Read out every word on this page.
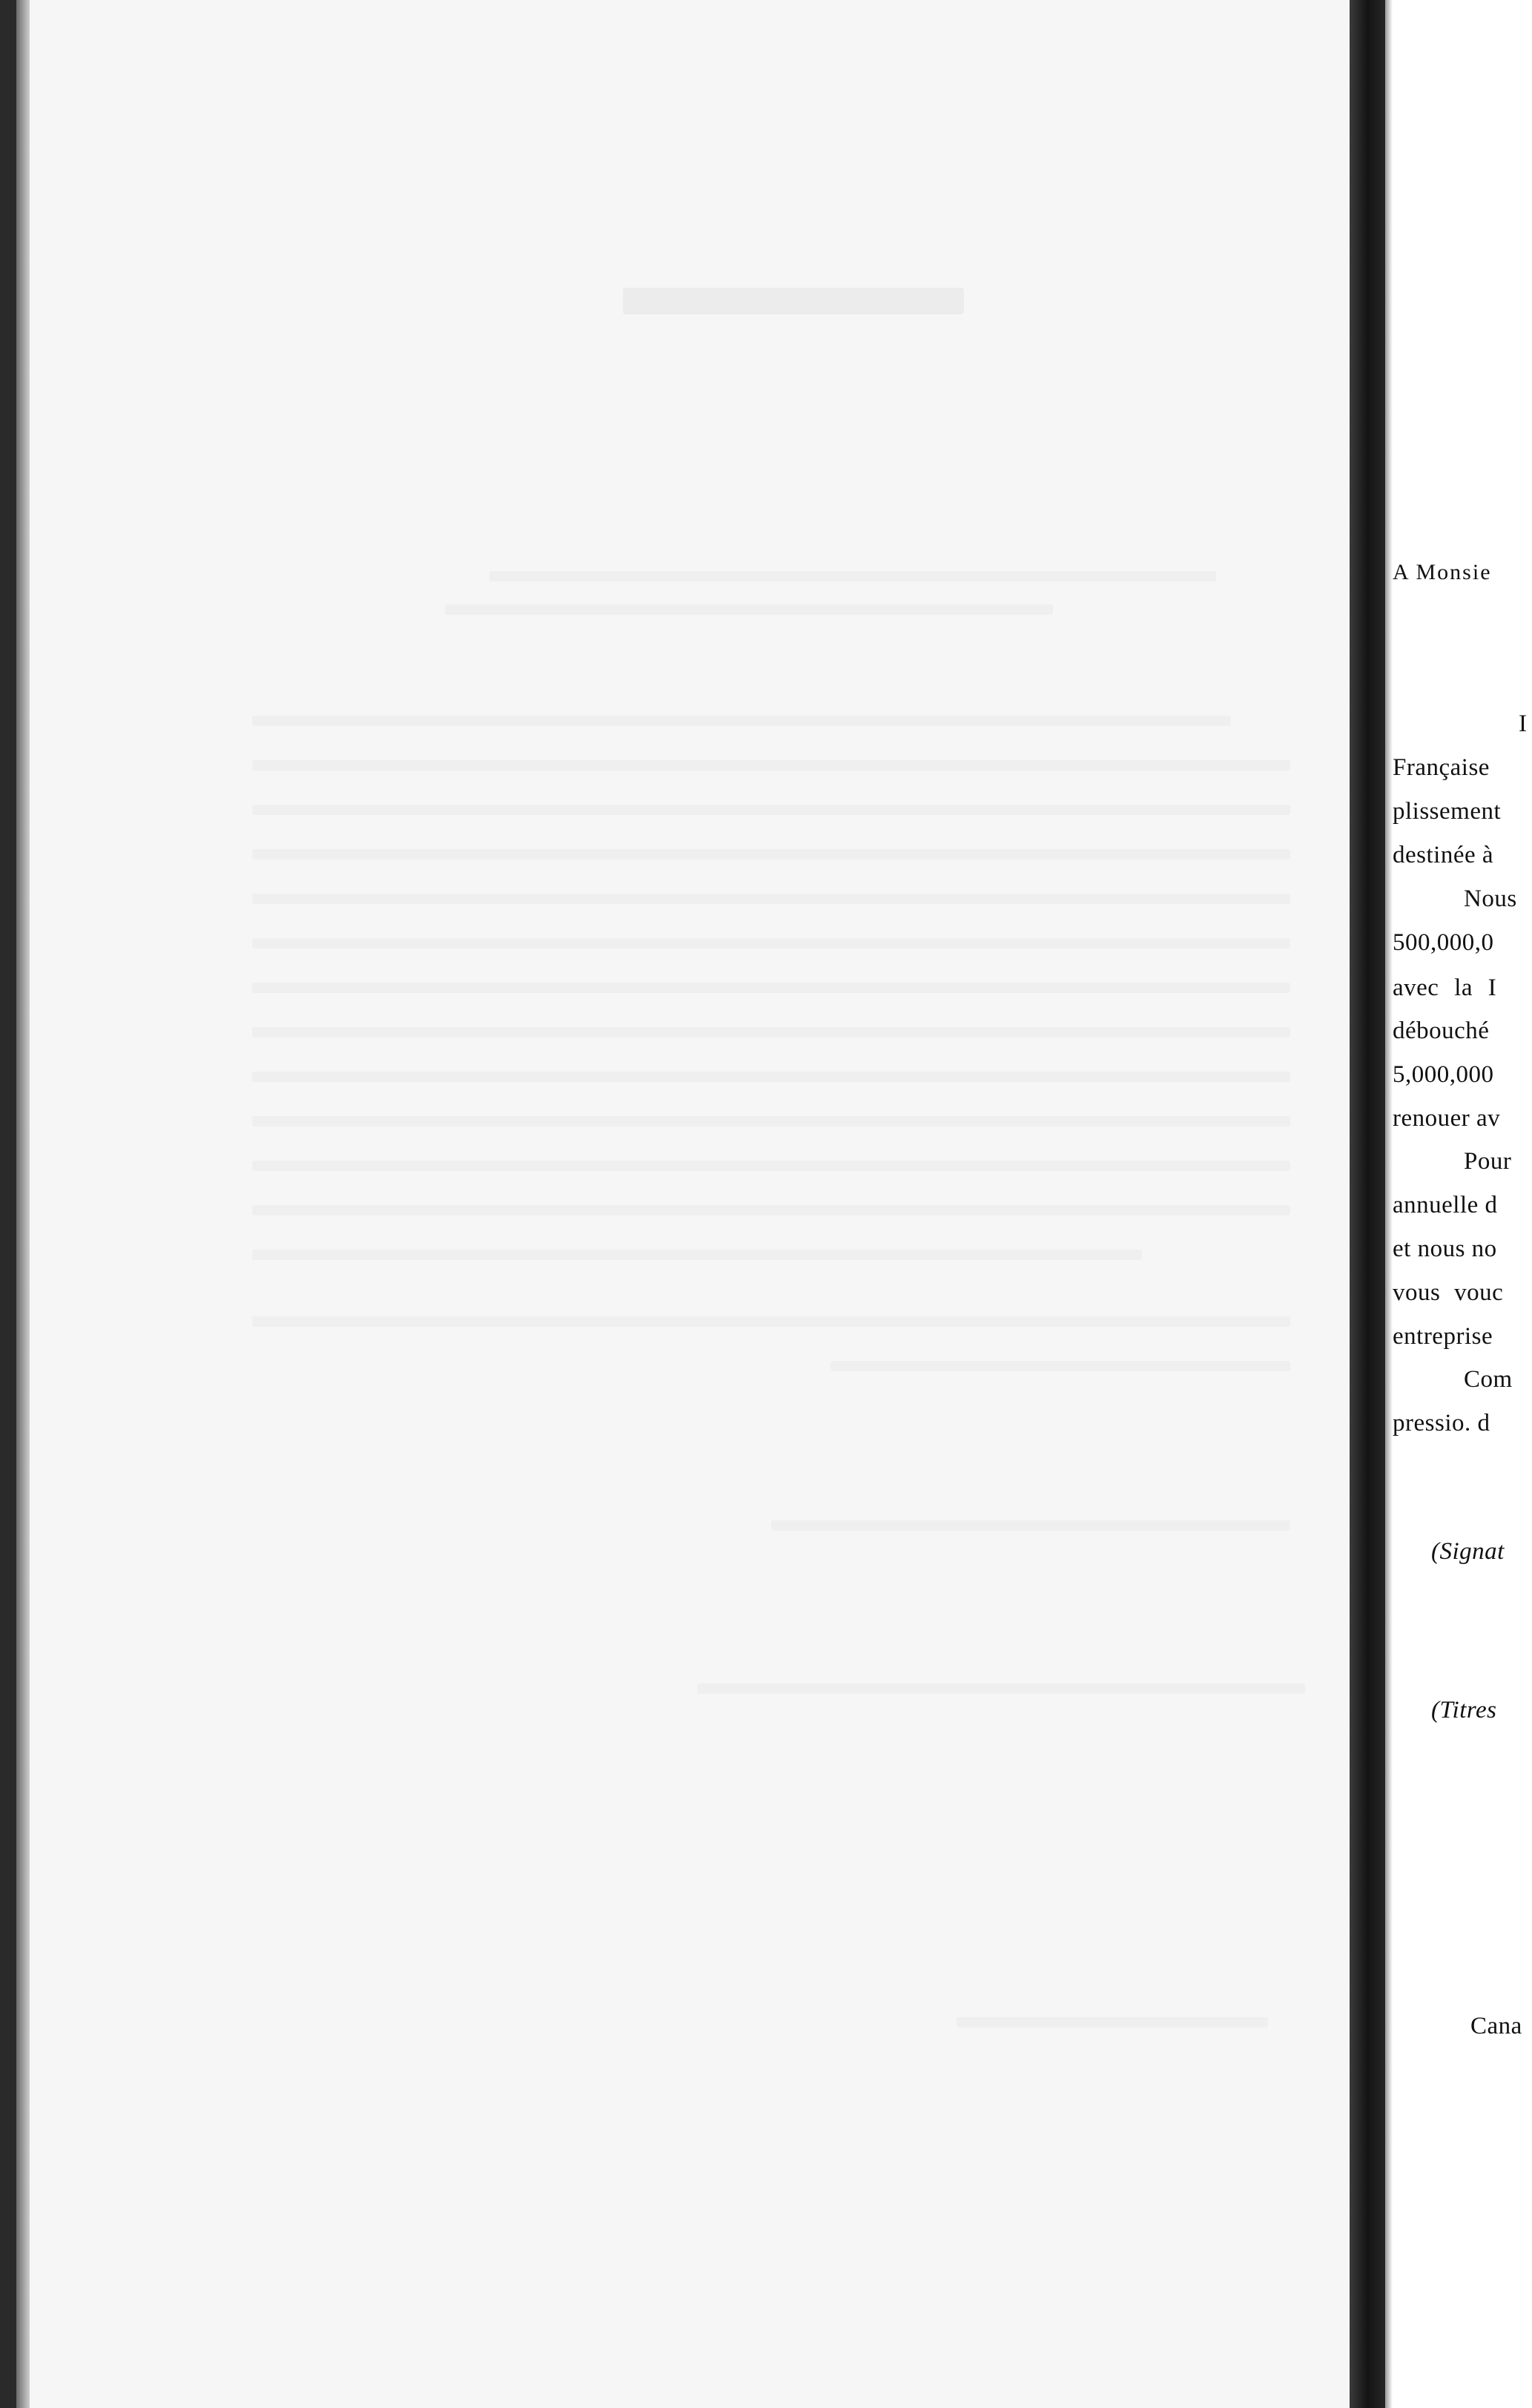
A Monsie
I
Française
plissement
destinée à
Nous
500,000,0
avec la I
débouché
5,000,000
renouer av
Pour
annuelle d
et nous no
vous vouc
entreprise
Com
pressio. d
(Signat
(Titres
Cana
